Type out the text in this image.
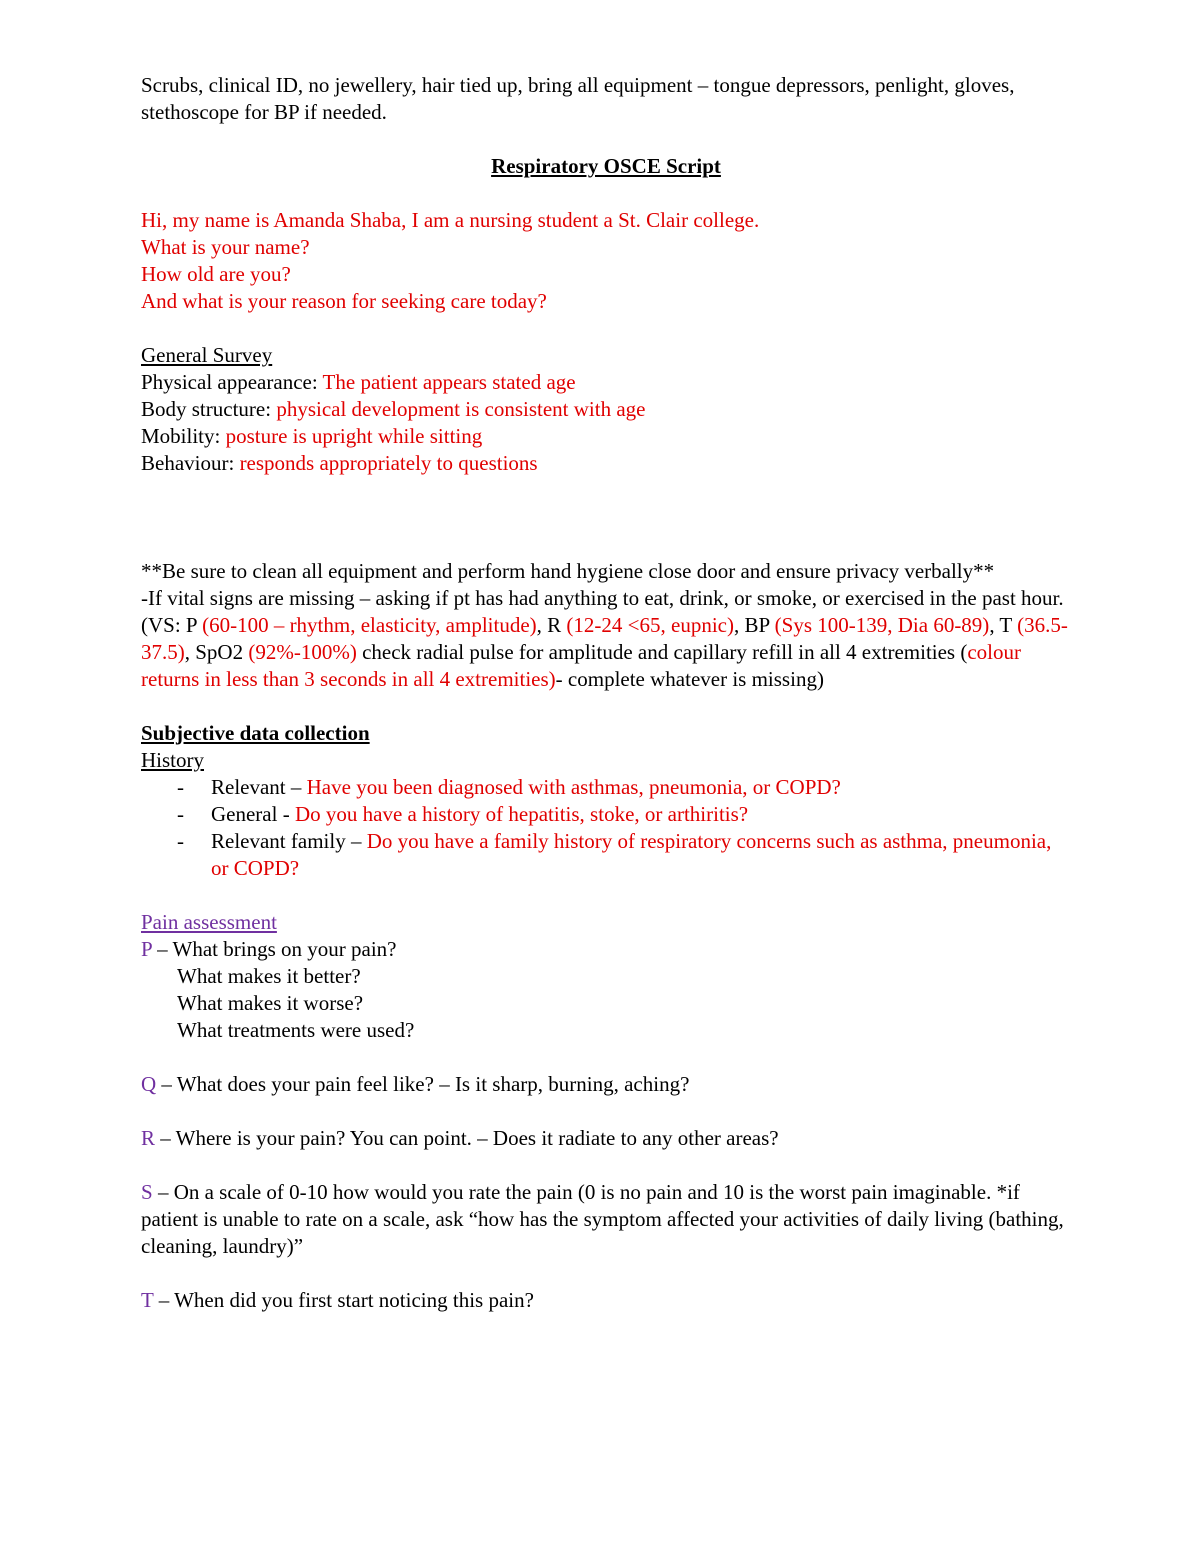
Scrubs, clinical ID, no jewellery, hair tied up, bring all equipment – tongue depressors, penlight, gloves, stethoscope for BP if needed.

Respiratory OSCE Script

Hi, my name is Amanda Shaba, I am a nursing student a St. Clair college.

What is your name?

How old are you?

And what is your reason for seeking care today?

General Survey

Physical appearance: The patient appears stated age

Body structure: physical development is consistent with age

Mobility: posture is upright while sitting

Behaviour: responds appropriately to questions

**Be sure to clean all equipment and perform hand hygiene close door and ensure privacy verbally**

-If vital signs are missing – asking if pt has had anything to eat, drink, or smoke, or exercised in the past hour. (VS: P (60-100 – rhythm, elasticity, amplitude), R (12-24 <65, eupnic), BP (Sys 100-139, Dia 60-89), T (36.5-37.5), SpO2 (92%-100%) check radial pulse for amplitude and capillary refill in all 4 extremities (colour returns in less than 3 seconds in all 4 extremities)- complete whatever is missing)

Subjective data collection

History

- Relevant – Have you been diagnosed with asthmas, pneumonia, or COPD?
- General - Do you have a history of hepatitis, stoke, or arthiritis?
- Relevant family – Do you have a family history of respiratory concerns such as asthma, pneumonia, or COPD?

Pain assessment

P – What brings on your pain?

What makes it better?

What makes it worse?

What treatments were used?

Q – What does your pain feel like? – Is it sharp, burning, aching?

R – Where is your pain? You can point. – Does it radiate to any other areas?

S – On a scale of 0-10 how would you rate the pain (0 is no pain and 10 is the worst pain imaginable. *if patient is unable to rate on a scale, ask “how has the symptom affected your activities of daily living (bathing, cleaning, laundry)”

T – When did you first start noticing this pain?
